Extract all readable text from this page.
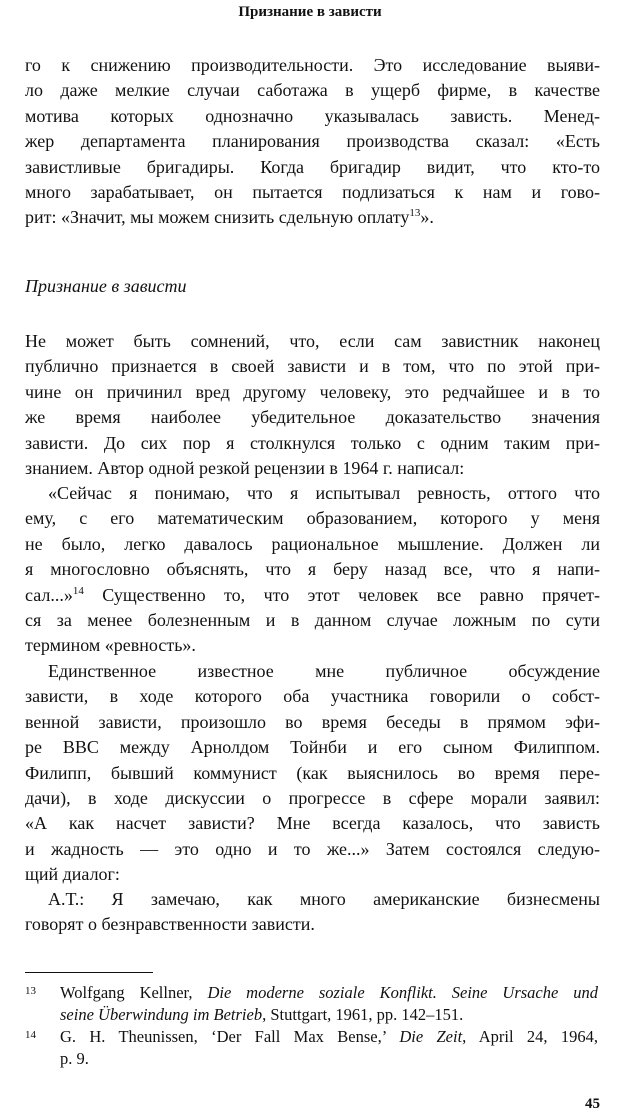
Признание в зависти
го к снижению производительности. Это исследование выяви-
ло даже мелкие случаи саботажа в ущерб фирме, в качестве
мотива которых однозначно указывалась зависть. Менед-
жер департамента планирования производства сказал: «Есть
завистливые бригадиры. Когда бригадир видит, что кто-то
много зарабатывает, он пытается подлизаться к нам и гово-
рит: «Значит, мы можем снизить сдельную оплату$^{13}$».
Признание в зависти
Не может быть сомнений, что, если сам завистник наконец
публично признается в своей зависти и в том, что по этой при-
чине он причинил вред другому человеку, это редчайшее и в то
же время наиболее убедительное доказательство значения
зависти. До сих пор я столкнулся только с одним таким при-
знанием. Автор одной резкой рецензии в 1964 г. написал:
«Сейчас я понимаю, что я испытывал ревность, оттого что
ему, с его математическим образованием, которого у меня
не было, легко давалось рациональное мышление. Должен ли
я многословно объяснять, что я беру назад все, что я напи-
сал...»$^{14}$ Существенно то, что этот человек все равно прячет-
ся за менее болезненным и в данном случае ложным по сути
термином «ревность».
Единственное известное мне публичное обсуждение
зависти, в ходе которого оба участника говорили о собст-
венной зависти, произошло во время беседы в прямом эфи-
ре ВВС между Арнолдом Тойнби и его сыном Филиппом.
Филипп, бывший коммунист (как выяснилось во время пере-
дачи), в ходе дискуссии о прогрессе в сфере морали заявил:
«А как насчет зависти? Мне всегда казалось, что зависть
и жадность — это одно и то же...» Затем состоялся следую-
щий диалог:
А.Т.: Я замечаю, как много американские бизнесмены
говорят о безнравственности зависти.
13 Wolfgang Kellner, Die moderne soziale Konflikt. Seine Ursache und
seine Überwindung im Betrieb, Stuttgart, 1961, pp. 142–151.
14 G. H. Theunissen, ‘Der Fall Max Bense,’ Die Zeit, April 24, 1964,
p. 9.
45
